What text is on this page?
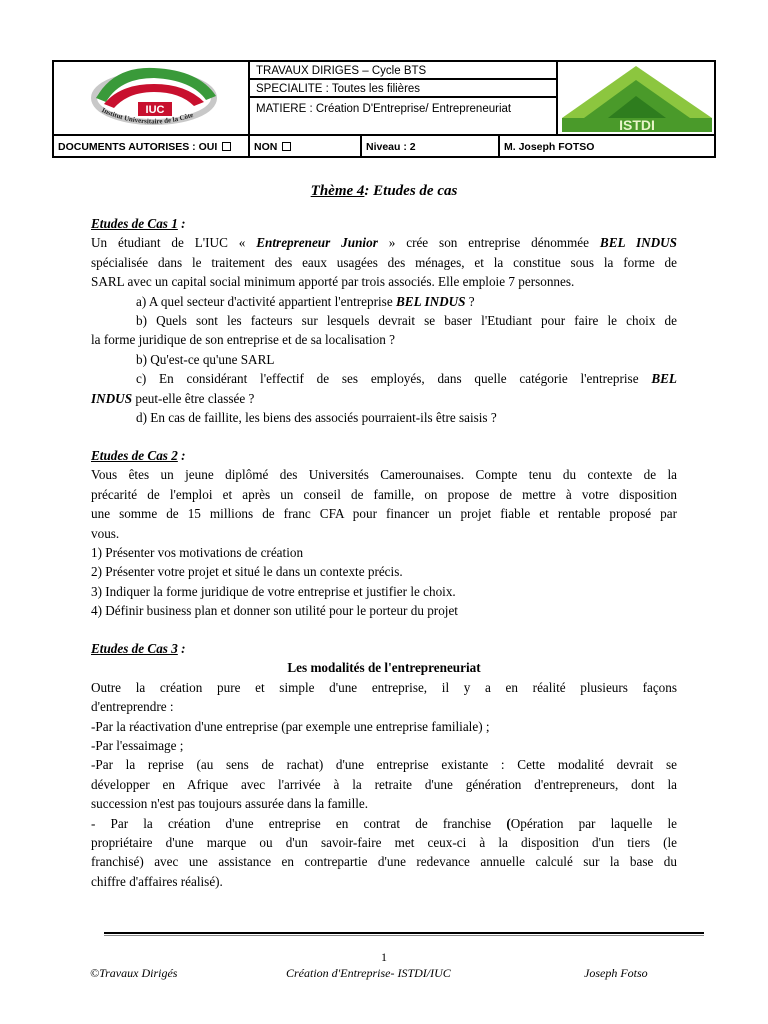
IUC
Institut Universitaire de la Côte
TRAVAUX DIRIGES – Cycle BTS
SPECIALITE : Toutes les filières
MATIERE : Création D'Entreprise/ Entrepreneuriat
ISTDI
DOCUMENTS AUTORISES : OUI	NON	Niveau : 2	M. Joseph FOTSO
Thème 4: Etudes de cas
Etudes de Cas 1 :
Un étudiant de L'IUC « Entrepreneur Junior » crée son entreprise dénommée BEL INDUS
spécialisée dans le traitement des eaux usagées des ménages, et la constitue sous la forme de
SARL avec un capital social minimum apporté par trois associés. Elle emploie 7 personnes.
a) A quel secteur d'activité appartient l'entreprise BEL INDUS ?
b) Quels sont les facteurs sur lesquels devrait se baser l'Etudiant pour faire le choix de
la forme juridique de son entreprise et de sa localisation ?
b) Qu'est-ce qu'une SARL
c) En considérant l'effectif de ses employés, dans quelle catégorie l'entreprise BEL
INDUS peut-elle être classée ?
d) En cas de faillite, les biens des associés pourraient-ils être saisis ?
Etudes de Cas 2 :
Vous êtes un jeune diplômé des Universités Camerounaises. Compte tenu du contexte de la
précarité de l'emploi et après un conseil de famille, on propose de mettre à votre disposition
une somme de 15 millions de franc CFA pour financer un projet fiable et rentable proposé par
vous.
1) Présenter vos motivations de création
2) Présenter votre projet et situé le dans un contexte précis.
3) Indiquer la forme juridique de votre entreprise et justifier le choix.
4) Définir business plan et donner son utilité pour le porteur du projet
Etudes de Cas 3 :
Les modalités de l'entrepreneuriat
Outre la création pure et simple d'une entreprise, il y a en réalité plusieurs façons
d'entreprendre :
-Par la réactivation d'une entreprise (par exemple une entreprise familiale) ;
-Par l'essaimage ;
-Par la reprise (au sens de rachat) d'une entreprise existante : Cette modalité devrait se
développer en Afrique avec l'arrivée à la retraite d'une génération d'entrepreneurs, dont la
succession n'est pas toujours assurée dans la famille.
- Par la création d'une entreprise en contrat de franchise (Opération par laquelle le
propriétaire d'une marque ou d'un savoir-faire met ceux-ci à la disposition d'un tiers (le
franchisé) avec une assistance en contrepartie d'une redevance annuelle calculé sur la base du
chiffre d'affaires réalisé).
1
©Travaux Dirigés	Création d'Entreprise- ISTDI/IUC	Joseph Fotso
